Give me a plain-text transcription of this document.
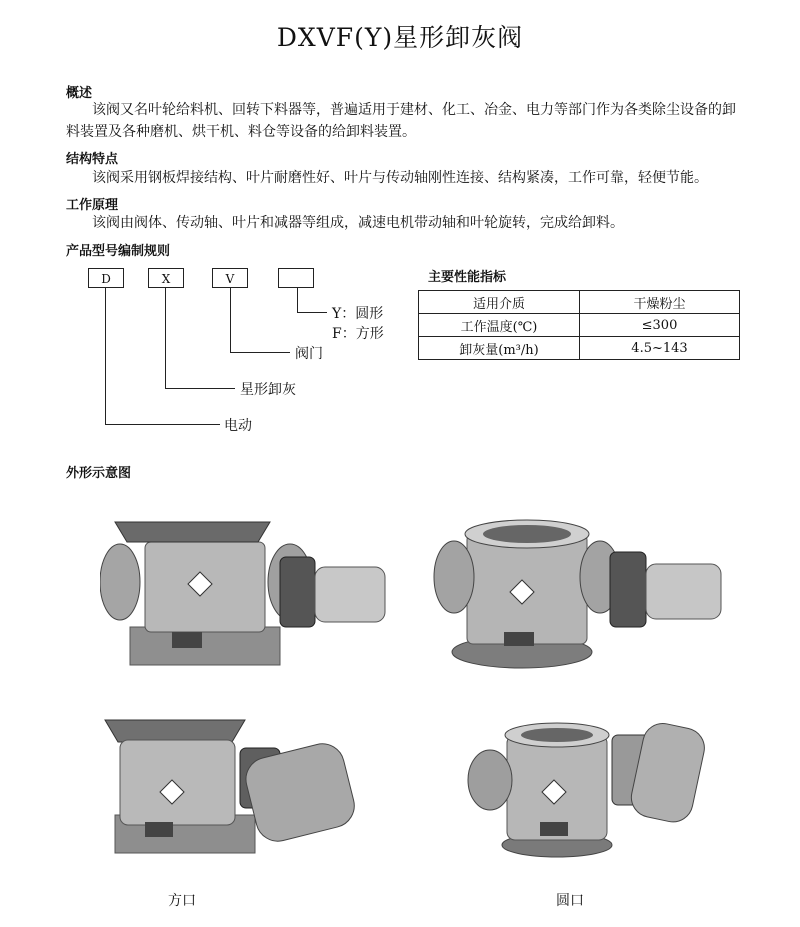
DXVF(Y)星形卸灰阀
概述
该阀又名叶轮给料机、回转下料器等，普遍适用于建材、化工、冶金、电力等部门作为各类除尘设备的卸
料装置及各种磨机、烘干机、料仓等设备的给卸料装置。
结构特点
该阀采用钢板焊接结构、叶片耐磨性好、叶片与传动轴刚性连接、结构紧凑，工作可靠，轻便节能。
工作原理
该阀由阀体、传动轴、叶片和减器等组成，减速电机带动轴和叶轮旋转，完成给卸料。
产品型号编制规则
D	X	V
Y：圆形
F：方形
阀门
星形卸灰
电动
主要性能指标
适用介质	干燥粉尘
工作温度(℃)	≤300
卸灰量(m³/h)	4.5~143
外形示意图
方口	圆口
